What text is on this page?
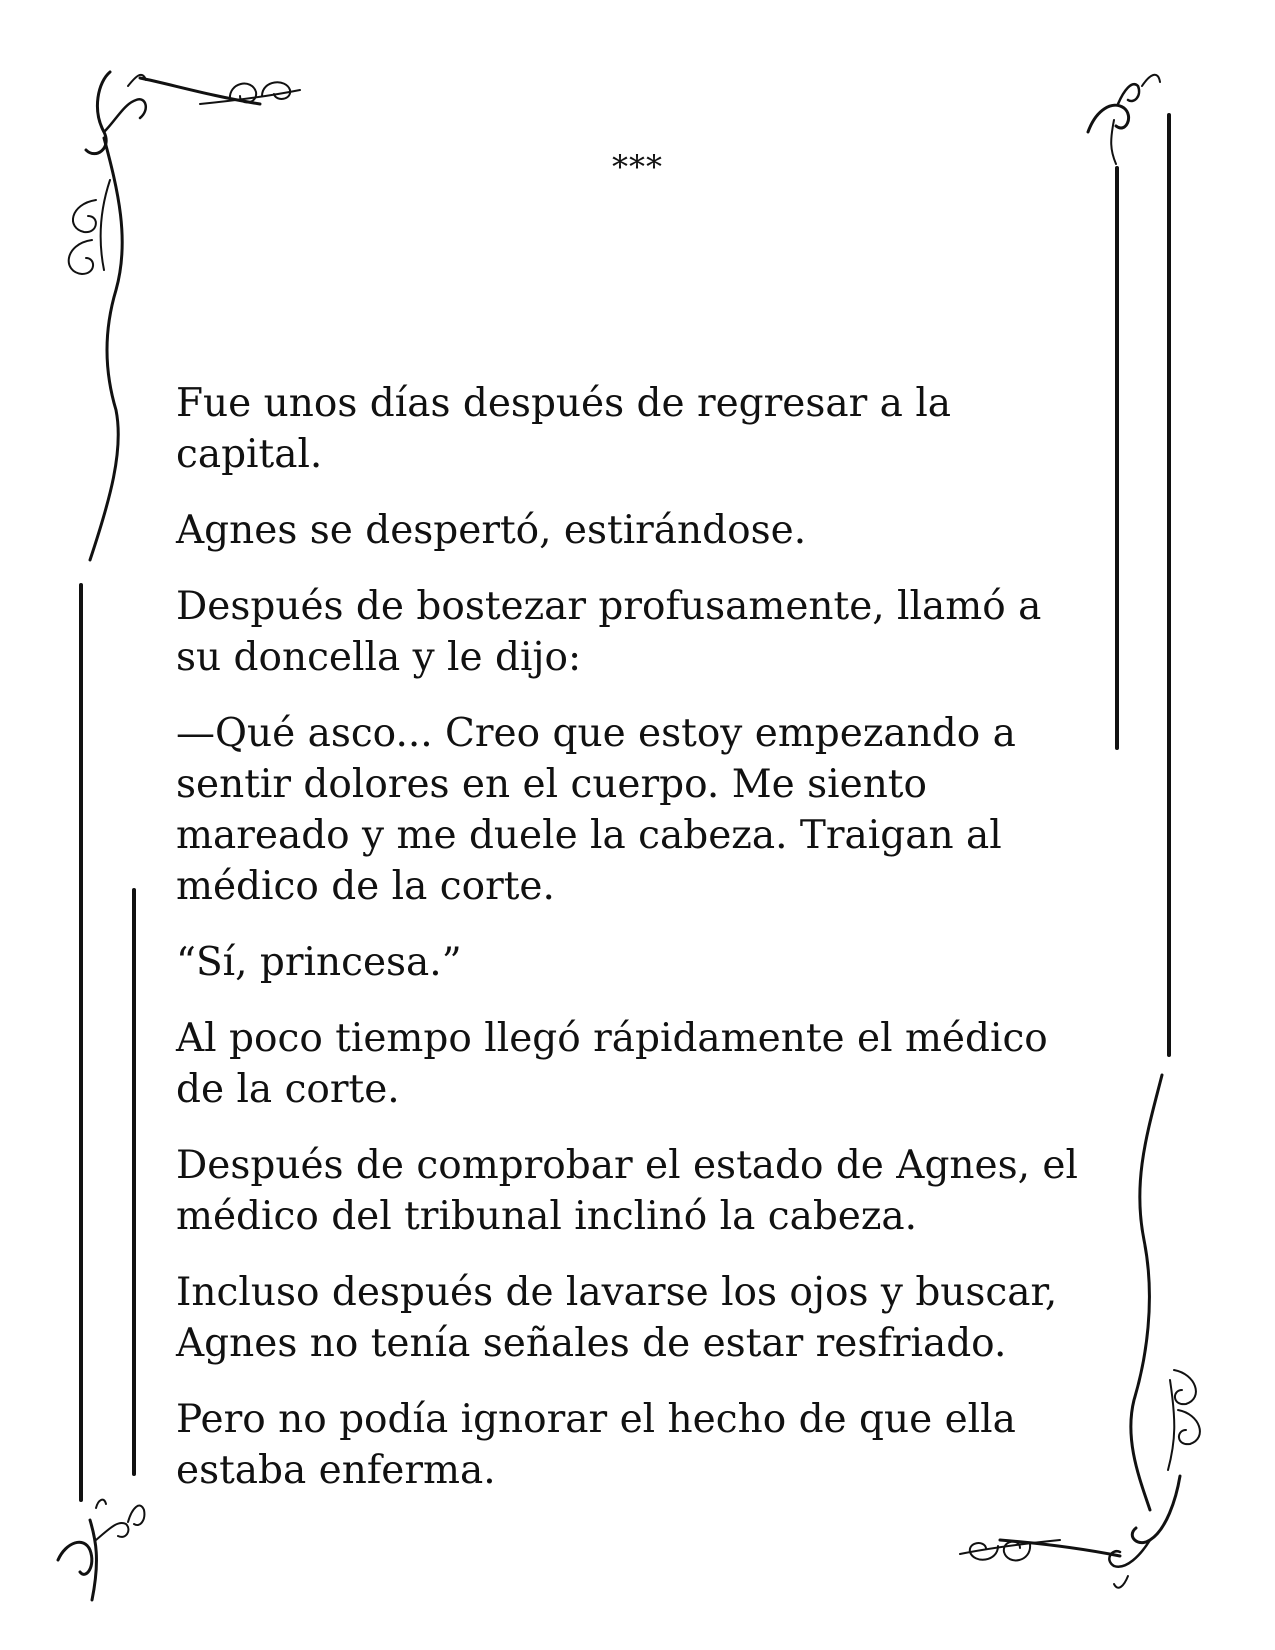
***

Fue unos días después de regresar a la capital.

Agnes se despertó, estirándose.

Después de bostezar profusamente, llamó a su doncella y le dijo:

—Qué asco... Creo que estoy empezando a sentir dolores en el cuerpo. Me siento mareado y me duele la cabeza. Traigan al médico de la corte.

“Sí, princesa.”

Al poco tiempo llegó rápidamente el médico de la corte.

Después de comprobar el estado de Agnes, el médico del tribunal inclinó la cabeza.

Incluso después de lavarse los ojos y buscar, Agnes no tenía señales de estar resfriado.

Pero no podía ignorar el hecho de que ella estaba enferma.
